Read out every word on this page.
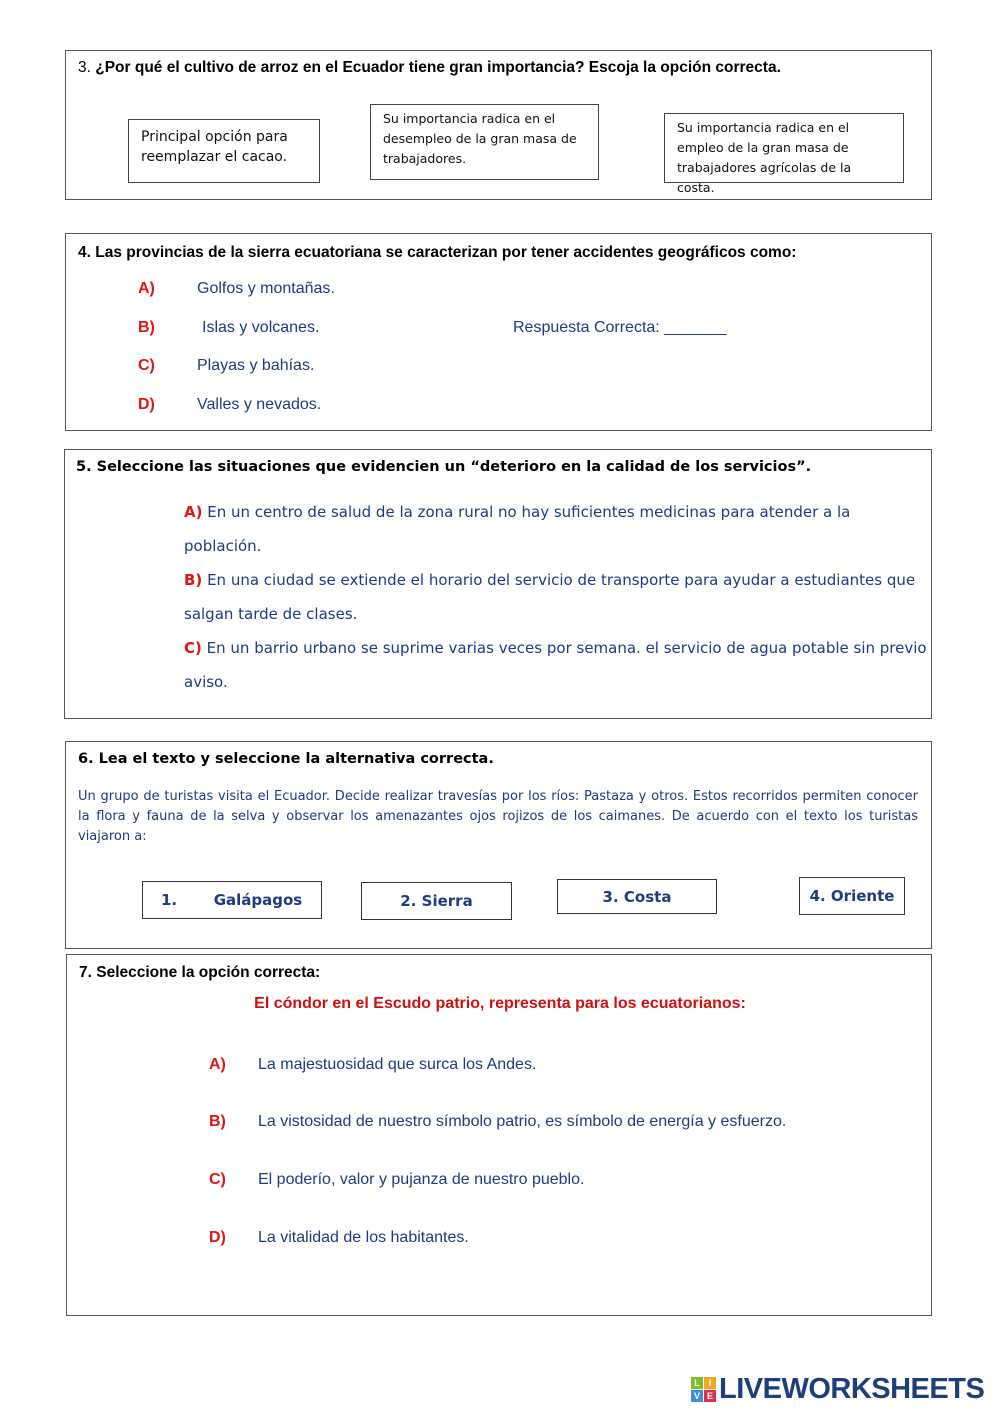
3. ¿Por qué el cultivo de arroz en el Ecuador tiene gran importancia? Escoja la opción correcta.
Principal opción para
reemplazar el cacao.
Su importancia radica en el
desempleo de la gran masa de
trabajadores.
Su importancia radica en el
empleo de la gran masa de
trabajadores agrícolas de la costa.
4. Las provincias de la sierra ecuatoriana se caracterizan por tener accidentes geográficos como:
A)	Golfos y montañas.
B)	Islas y volcanes.
C)	Playas y bahías.
D)	Valles y nevados.
Respuesta Correcta: _______
5. Seleccione las situaciones que evidencien un “deterioro en la calidad de los servicios”.
A) En un centro de salud de la zona rural no hay suficientes medicinas para atender a la
población.
B) En una ciudad se extiende el horario del servicio de transporte para ayudar a estudiantes que
salgan tarde de clases.
C) En un barrio urbano se suprime varias veces por semana. el servicio de agua potable sin previo
aviso.
6. Lea el texto y seleccione la alternativa correcta.
Un grupo de turistas visita el Ecuador. Decide realizar travesías por los ríos: Pastaza y otros. Estos recorridos permiten conocer la flora y fauna de la selva y observar los amenazantes ojos rojizos de los caimanes. De acuerdo con el texto los turistas viajaron a:
1.       Galápagos	2. Sierra	3. Costa	4. Oriente
7. Seleccione la opción correcta:
El cóndor en el Escudo patrio, representa para los ecuatorianos:
A) La majestuosidad que surca los Andes.
B) La vistosidad de nuestro símbolo patrio, es símbolo de energía y esfuerzo.
C) El poderío, valor y pujanza de nuestro pueblo.
D) La vitalidad de los habitantes.
L I
V E LIVEWORKSHEETS
